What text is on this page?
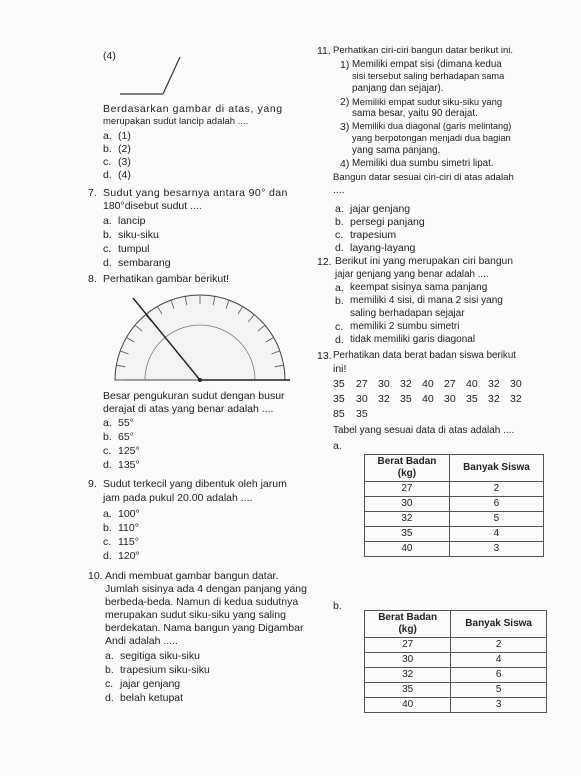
(4)
Berdasarkan gambar di atas, yang
merupakan sudut lancip adalah ....
a. (1)
b. (2)
c. (3)
d. (4)
7. Sudut yang besarnya antara 90° dan
180°disebut sudut ....
a. lancip
b. siku-siku
c. tumpul
d. sembarang
8. Perhatikan gambar berikut!
Besar pengukuran sudut dengan busur
derajat di atas yang benar adalah ....
a. 55°
b. 65°
c. 125°
d. 135°
9. Sudut terkecil yang dibentuk oleh jarum
jam pada pukul 20.00 adalah ....
a. 100°
b. 110°
c. 115°
d. 120°
10. Andi membuat gambar bangun datar.
Jumlah sisinya ada 4 dengan panjang yang
berbeda-beda. Namun di kedua sudutnya
merupakan sudut siku-siku yang saling
berdekatan. Nama bangun yang Digambar
Andi adalah .....
a. segitiga siku-siku
b. trapesium siku-siku
c. jajar genjang
d. belah ketupat
11. Perhatikan ciri-ciri bangun datar berikut ini.
1) Memiliki empat sisi (dimana kedua
sisi tersebut saling berhadapan sama
panjang dan sejajar).
2) Memiliki empat sudut siku-siku yang
sama besar, yaitu 90 derajat.
3) Memiliki dua diagonal (garis melintang)
yang berpotongan menjadi dua bagian
yang sama panjang.
4) Memiliki dua sumbu simetri lipat.
Bangun datar sesuai ciri-ciri di atas adalah
....
a. jajar genjang
b. persegi panjang
c. trapesium
d. layang-layang
12. Berikut ini yang merupakan ciri bangun
jajar genjang yang benar adalah ....
a. keempat sisinya sama panjang
b. memiliki 4 sisi, di mana 2 sisi yang
saling berhadapan sejajar
c. memiliki 2 sumbu simetri
d. tidak memiliki garis diagonal
13. Perhatikan data berat badan siswa berikut
ini!
35 27 30 32 40 27 40 32 30
35 30 32 35 40 30 35 32 32
85 35
Tabel yang sesuai data di atas adalah ....
a.
Berat Badan
(kg)	Banyak Siswa
27	2
30	6
32	5
35	4
40	3
b.
Berat Badan
(kg)	Banyak Siswa
27	2
30	4
32	6
35	5
40	3
